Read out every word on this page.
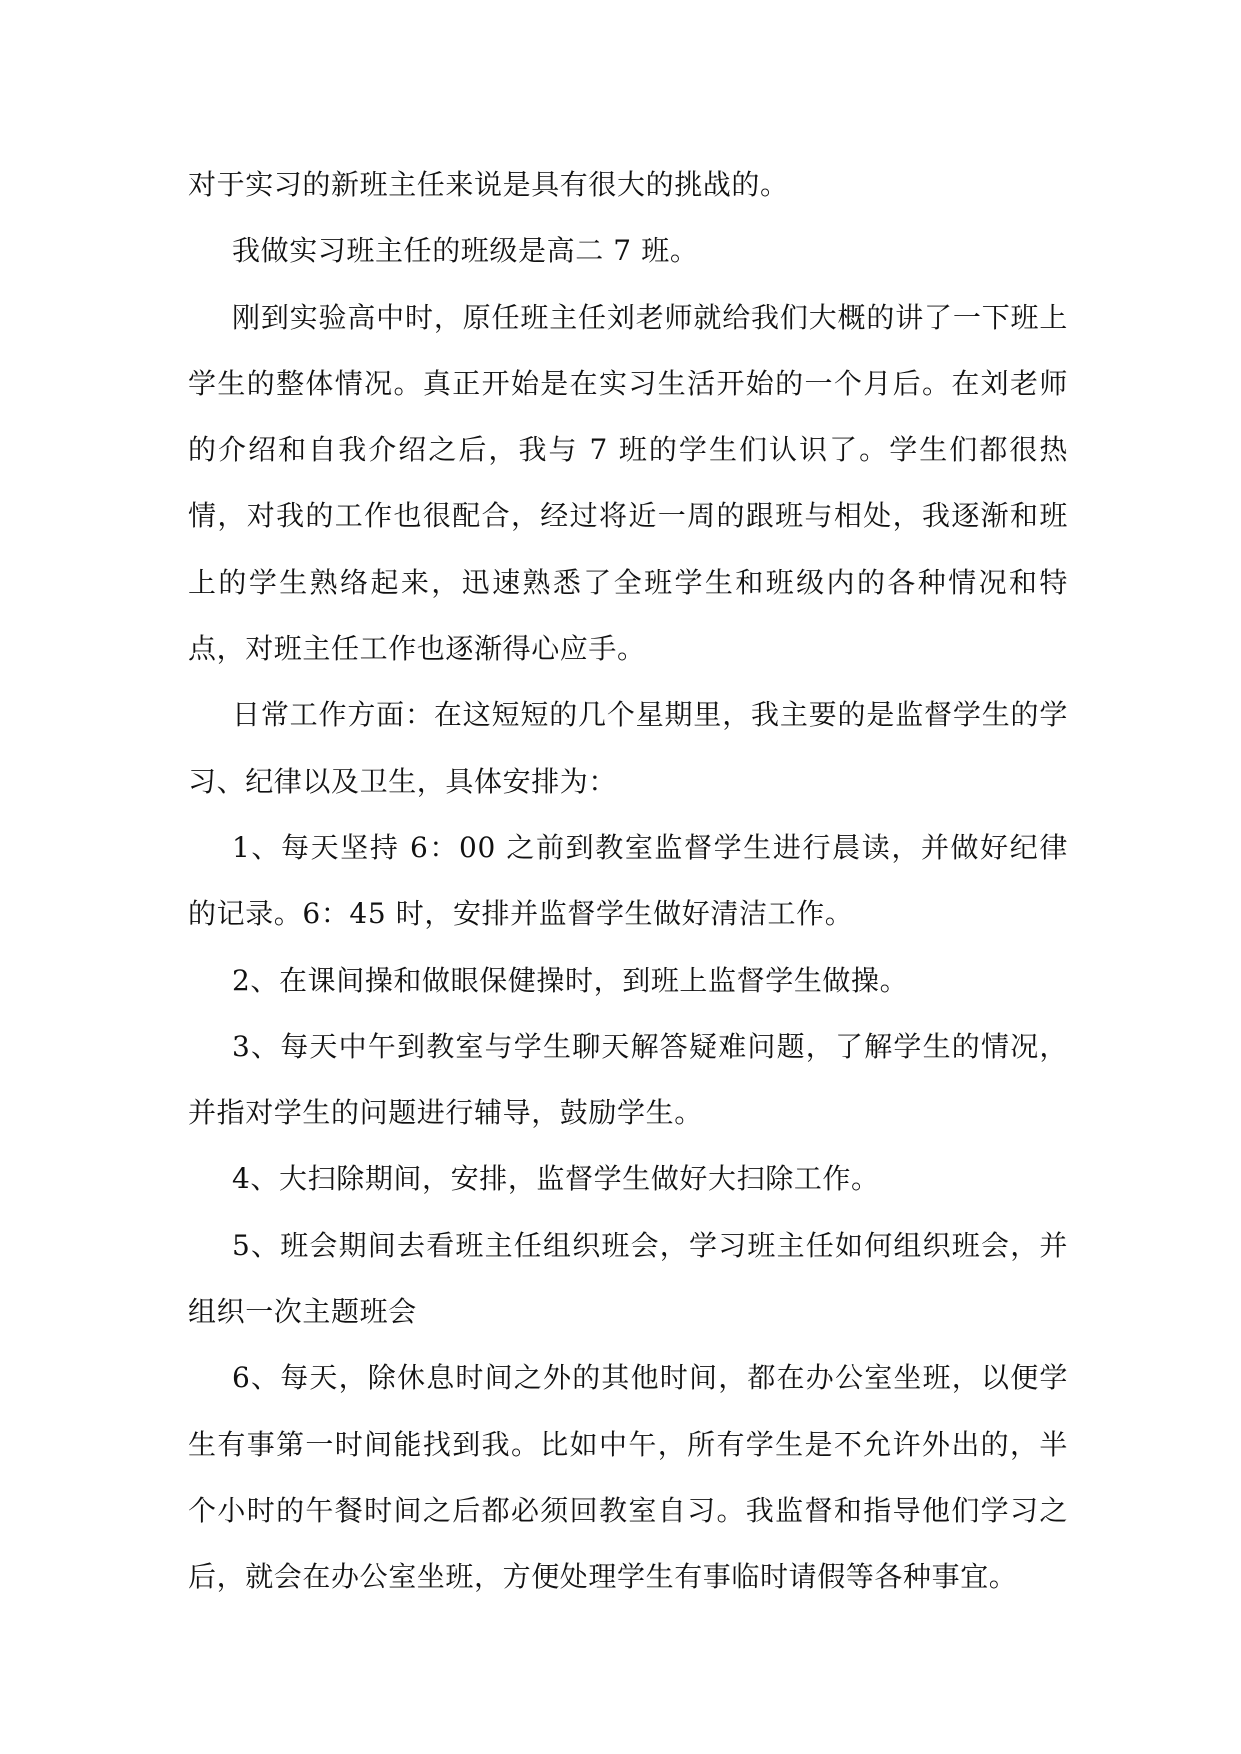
对于实习的新班主任来说是具有很大的挑战的。

我做实习班主任的班级是高二 7 班。

刚到实验高中时，原任班主任刘老师就给我们大概的讲了一下班上学生的整体情况。真正开始是在实习生活开始的一个月后。在刘老师的介绍和自我介绍之后，我与 7 班的学生们认识了。学生们都很热情，对我的工作也很配合，经过将近一周的跟班与相处，我逐渐和班上的学生熟络起来，迅速熟悉了全班学生和班级内的各种情况和特点，对班主任工作也逐渐得心应手。

日常工作方面：在这短短的几个星期里，我主要的是监督学生的学习、纪律以及卫生，具体安排为：

1、每天坚持 6：00 之前到教室监督学生进行晨读，并做好纪律的记录。6：45 时，安排并监督学生做好清洁工作。

2、在课间操和做眼保健操时，到班上监督学生做操。

3、每天中午到教室与学生聊天解答疑难问题，了解学生的情况，并指对学生的问题进行辅导，鼓励学生。

4、大扫除期间，安排，监督学生做好大扫除工作。

5、班会期间去看班主任组织班会，学习班主任如何组织班会，并组织一次主题班会

6、每天，除休息时间之外的其他时间，都在办公室坐班，以便学生有事第一时间能找到我。比如中午，所有学生是不允许外出的，半个小时的午餐时间之后都必须回教室自习。我监督和指导他们学习之后，就会在办公室坐班，方便处理学生有事临时请假等各种事宜。
